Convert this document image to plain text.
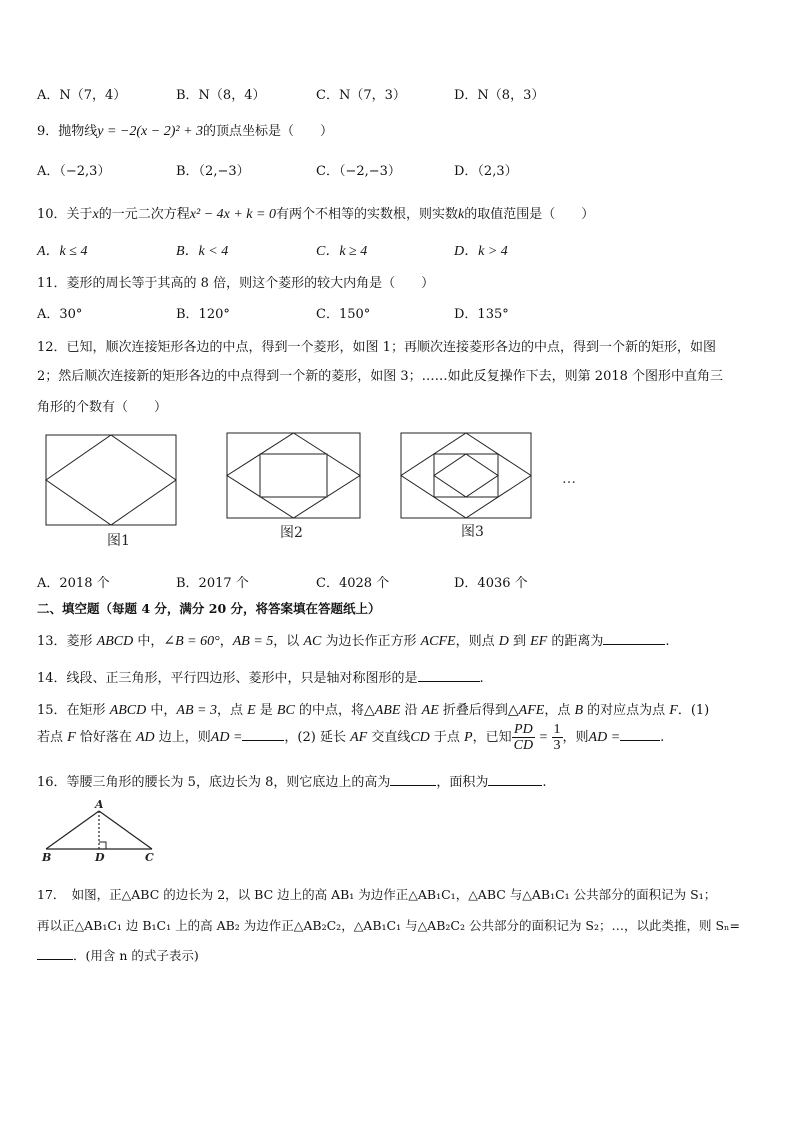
A．N（7，4）	B．N（8，4）	C．N（7，3）	D．N（8，3）
9．抛物线y = −2(x − 2)² + 3的顶点坐标是（　　）
A．（−2,3）	B．（2,−3）	C．（−2,−3）	D．（2,3）
10．关于x的一元二次方程x² − 4x + k = 0有两个不相等的实数根，则实数k的取值范围是（　　）
A．k ≤ 4	B．k < 4	C．k ≥ 4	D．k > 4
11．菱形的周长等于其高的 8 倍，则这个菱形的较大内角是（　　）
A．30°	B．120°	C．150°	D．135°
12．已知，顺次连接矩形各边的中点，得到一个菱形，如图 1；再顺次连接菱形各边的中点，得到一个新的矩形，如图
2；然后顺次连接新的矩形各边的中点得到一个新的菱形，如图 3；……如此反复操作下去，则第 2018 个图形中直角三
角形的个数有（　　）
图1	图2	图3
…
A．2018 个	B．2017 个	C．4028 个	D．4036 个
二、填空题（每题 4 分，满分 20 分，将答案填在答题纸上）
13．菱形 ABCD 中，∠B = 60°，AB = 5，以 AC 为边长作正方形 ACFE，则点 D 到 EF 的距离为	.
14．线段、正三角形，平行四边形、菱形中，只是轴对称图形的是	.
15．在矩形 ABCD 中，AB = 3，点 E 是 BC 的中点，将△ABE 沿 AE 折叠后得到△AFE，点 B 的对应点为点 F．(1)
若点 F 恰好落在 AD 边上，则AD =	，(2) 延长 AF 交直线CD 于点 P，已知 $\frac{PD}{CD} = \frac{1}{3}$ ，则AD =	.
16．等腰三角形的腰长为 5，底边长为 8，则它底边上的高为	，面积为	.
A
B	D	C
17．　如图，正△ABC 的边长为 2，以 BC 边上的高 AB₁ 为边作正△AB₁C₁，△ABC 与△AB₁C₁ 公共部分的面积记为 S₁；
再以正△AB₁C₁ 边 B₁C₁ 上的高 AB₂ 为边作正△AB₂C₂，△AB₁C₁ 与△AB₂C₂ 公共部分的面积记为 S₂；…，以此类推，则 Sₙ=
．(用含 n 的式子表示)
